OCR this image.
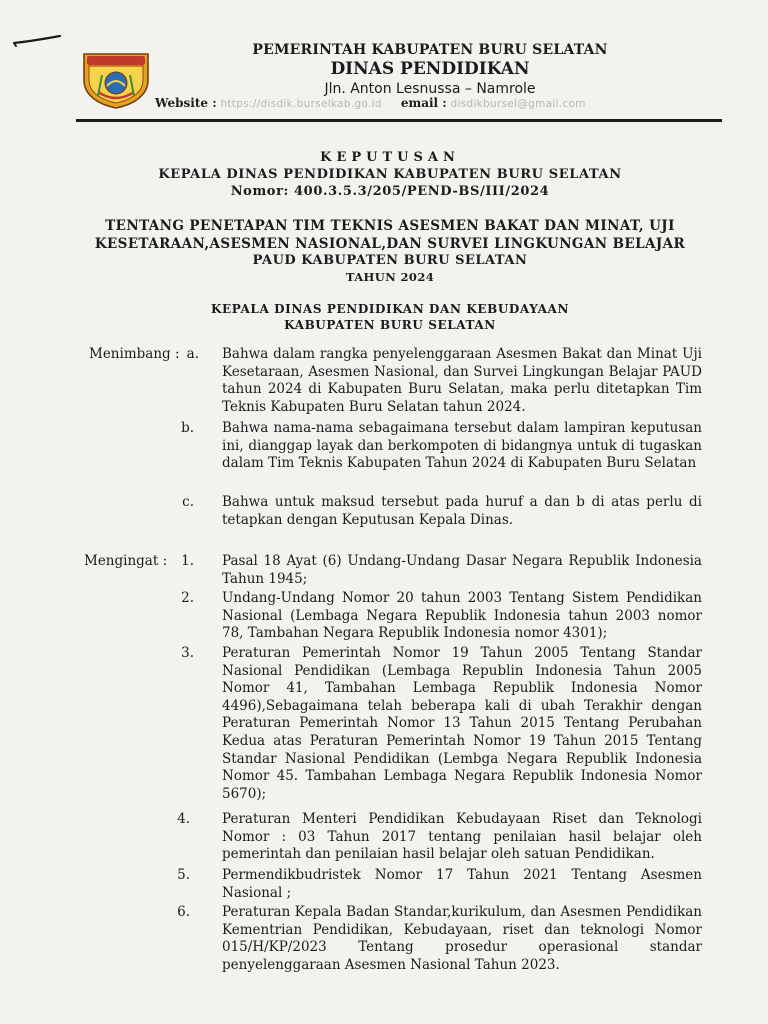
PEMERINTAH KABUPATEN BURU SELATAN
DINAS PENDIDIKAN
Jln. Anton Lesnussa – Namrole
Website : https://disdik.burselkab.go.id email : disdikbursel@gmail.com
KEPUTUSAN
KEPALA DINAS PENDIDIKAN KABUPATEN BURU SELATAN
Nomor: 400.3.5.3/205/PEND-BS/III/2024
TENTANG PENETAPAN TIM TEKNIS ASESMEN BAKAT DAN MINAT, UJI
KESETARAAN,ASESMEN NASIONAL,DAN SURVEI LINGKUNGAN BELAJAR
PAUD KABUPATEN BURU SELATAN
TAHUN 2024
KEPALA DINAS PENDIDIKAN DAN KEBUDAYAAN
KABUPATEN BURU SELATAN
Menimbang : a. Bahwa dalam rangka penyelenggaraan Asesmen Bakat dan Minat Uji Kesetaraan, Asesmen Nasional, dan Survei Lingkungan Belajar PAUD tahun 2024 di Kabupaten Buru Selatan, maka perlu ditetapkan Tim Teknis Kabupaten Buru Selatan tahun 2024.
b. Bahwa nama-nama sebagaimana tersebut dalam lampiran keputusan ini, dianggap layak dan berkompoten di bidangnya untuk di tugaskan dalam Tim Teknis Kabupaten Tahun 2024 di Kabupaten Buru Selatan
c. Bahwa untuk maksud tersebut pada huruf a dan b di atas perlu di tetapkan dengan Keputusan Kepala Dinas.
Mengingat :	1. Pasal 18 Ayat (6) Undang-Undang Dasar Negara Republik Indonesia Tahun 1945;
2. Undang-Undang Nomor 20 tahun 2003 Tentang Sistem Pendidikan Nasional (Lembaga Negara Republik Indonesia tahun 2003 nomor 78, Tambahan Negara Republik Indonesia nomor 4301);
3. Peraturan Pemerintah Nomor 19 Tahun 2005 Tentang Standar Nasional Pendidikan (Lembaga Republin Indonesia Tahun 2005 Nomor 41, Tambahan Lembaga Republik Indonesia Nomor 4496),Sebagaimana telah beberapa kali di ubah Terakhir dengan Peraturan Pemerintah Nomor 13 Tahun 2015 Tentang Perubahan Kedua atas Peraturan Pemerintah Nomor 19 Tahun 2015 Tentang Standar Nasional Pendidikan (Lembga Negara Republik Indonesia Nomor 45. Tambahan Lembaga Negara Republik Indonesia Nomor 5670);
4. Peraturan Menteri Pendidikan Kebudayaan Riset dan Teknologi Nomor : 03 Tahun 2017 tentang penilaian hasil belajar oleh pemerintah dan penilaian hasil belajar oleh satuan Pendidikan.
5. Permendikbudristek Nomor 17 Tahun 2021 Tentang Asesmen Nasional ;
6. Peraturan Kepala Badan Standar,kurikulum, dan Asesmen Pendidikan Kementrian Pendidikan, Kebudayaan, riset dan teknologi Nomor 015/H/KP/2023 Tentang prosedur operasional standar penyelenggaraan Asesmen Nasional Tahun 2023.
